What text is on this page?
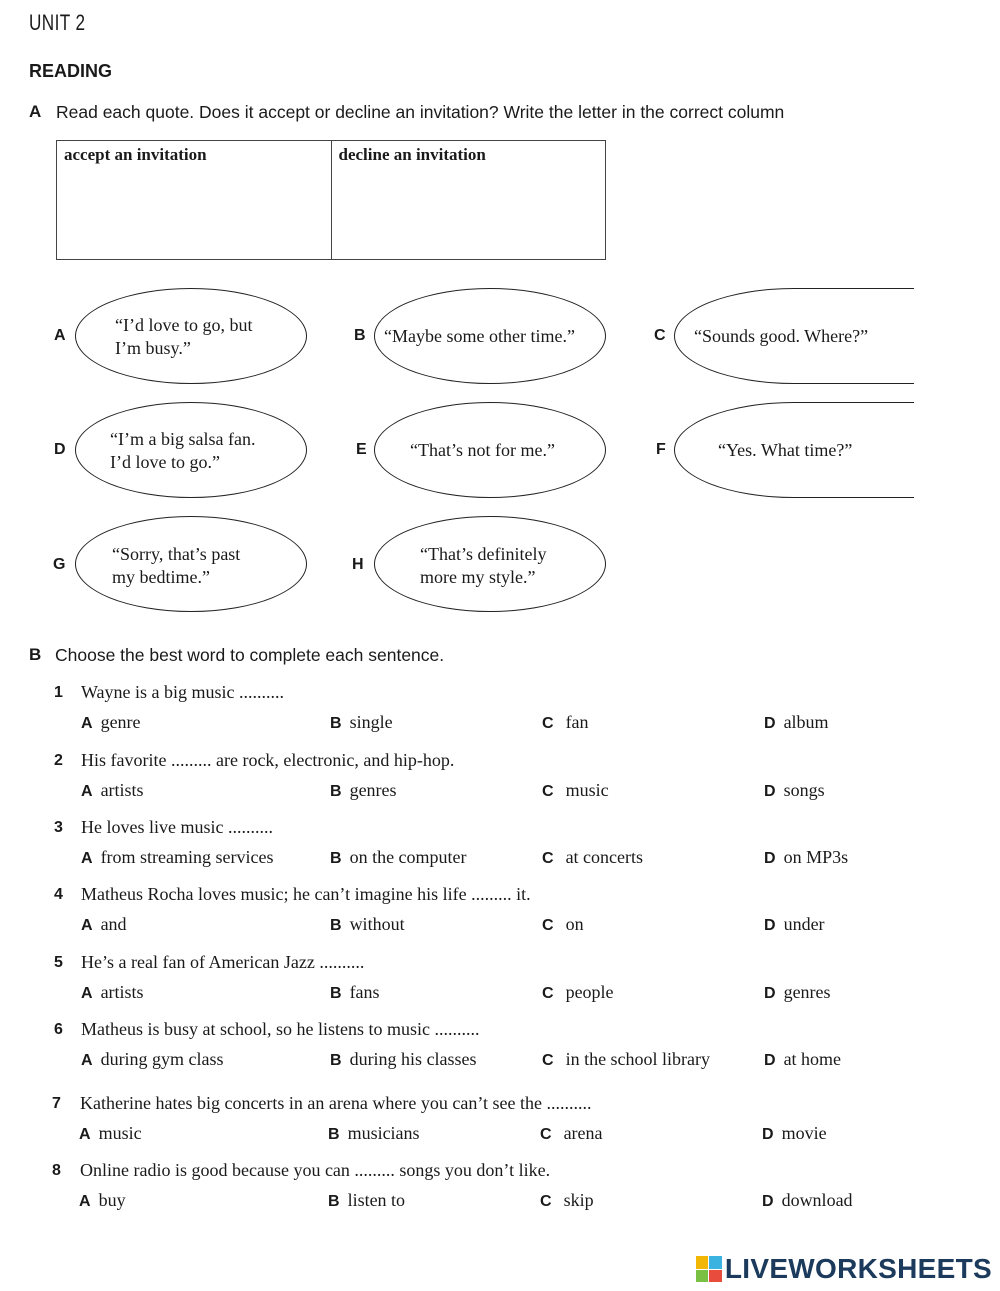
UNIT 2
READING
A Read each quote. Does it accept or decline an invitation? Write the letter in the correct column
accept an invitation	decline an invitation
A
“I’d love to go, but
I’m busy.”
B “Maybe some other time.”	C “Sounds good. Where?”
D
“I’m a big salsa fan.
I’d love to go.”
E “That’s not for me.”	F	“Yes. What time?”
G
“Sorry, that’s past
my bedtime.”
H
“That’s definitely
more my style.”
B Choose the best word to complete each sentence.
1 Wayne is a big music ..........
A genre	B single	C fan	D album
2 His favorite ......... are rock, electronic, and hip-hop.
A artists	B genres	C music	D songs
3 He loves live music ..........
A from streaming services	B on the computer	C at concerts	D on MP3s
4 Matheus Rocha loves music; he can’t imagine his life ......... it.
A and	B without	C on	D under
5 He’s a real fan of American Jazz ..........
A artists	B fans	C people	D genres
6 Matheus is busy at school, so he listens to music ..........
A during gym class	B during his classes	C in the school library	D at home
7 Katherine hates big concerts in an arena where you can’t see the ..........
A music	B musicians	C arena	D movie
8 Online radio is good because you can ......... songs you don’t like.
A buy	B listen to	C skip	D download
LIVEWORKSHEETS
